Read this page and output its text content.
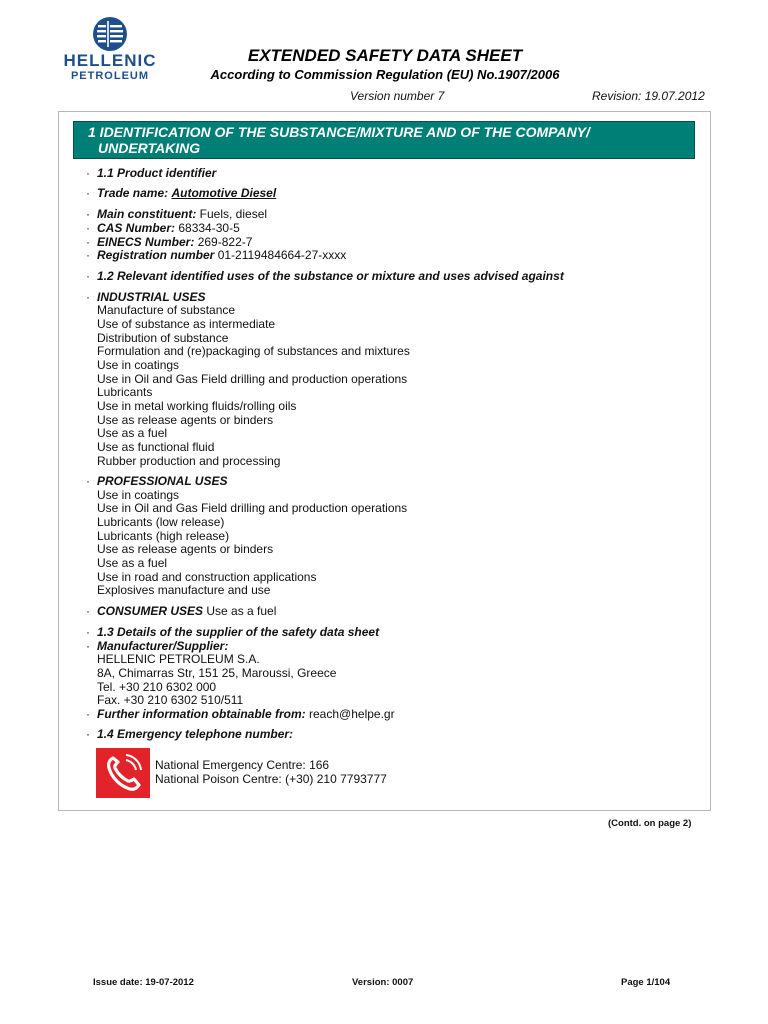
HELLENIC
PETROLEUM
EXTENDED SAFETY DATA SHEET
According to Commission Regulation (EU) No.1907/2006
Version number 7	Revision: 19.07.2012
1 IDENTIFICATION OF THE SUBSTANCE/MIXTURE AND OF THE COMPANY/
UNDERTAKING
· 1.1 Product identifier
· Trade name: Automotive Diesel
· Main constituent: Fuels, diesel
· CAS Number: 68334-30-5
· EINECS Number: 269-822-7
· Registration number 01-2119484664-27-xxxx
· 1.2 Relevant identified uses of the substance or mixture and uses advised against
· INDUSTRIAL USES
Manufacture of substance
Use of substance as intermediate
Distribution of substance
Formulation and (re)packaging of substances and mixtures
Use in coatings
Use in Oil and Gas Field drilling and production operations
Lubricants
Use in metal working fluids/rolling oils
Use as release agents or binders
Use as a fuel
Use as functional fluid
Rubber production and processing
· PROFESSIONAL USES
Use in coatings
Use in Oil and Gas Field drilling and production operations
Lubricants (low release)
Lubricants (high release)
Use as release agents or binders
Use as a fuel
Use in road and construction applications
Explosives manufacture and use
· CONSUMER USES Use as a fuel
· 1.3 Details of the supplier of the safety data sheet
· Manufacturer/Supplier:
HELLENIC PETROLEUM S.A.
8A, Chimarras Str, 151 25, Maroussi, Greece
Tel. +30 210 6302 000
Fax. +30 210 6302 510/511
· Further information obtainable from: reach@helpe.gr
· 1.4 Emergency telephone number:
National Emergency Centre: 166
National Poison Centre: (+30) 210 7793777
(Contd. on page 2)
Issue date: 19-07-2012	Version: 0007	Page 1/104
